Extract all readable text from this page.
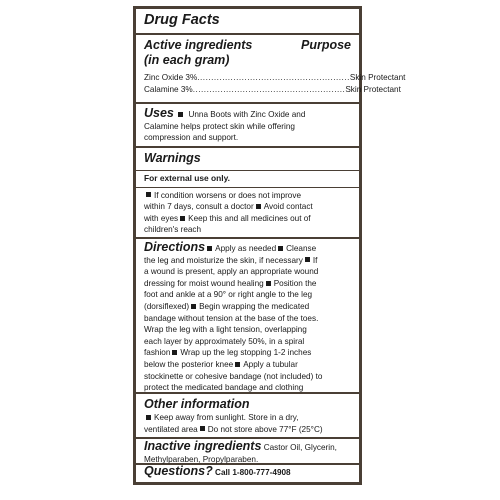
Drug Facts
Active ingredients	Purpose
(in each gram)
Zinc Oxide 3% ....................................................... Skin Protectant
Calamine 3% ....................................................... Skin Protectant
Uses Unna Boots with Zinc Oxide and
Calamine helps protect skin while offering
compression and support.
Warnings
For external use only.
If condition worsens or does not improve
within 7 days, consult a doctor Avoid contact
with eyes Keep this and all medicines out of
children's reach
Directions Apply as needed Cleanse
the leg and moisturize the skin, if necessary If
a wound is present, apply an appropriate wound
dressing for moist wound healing Position the
foot and ankle at a 90° or right angle to the leg
(dorsiflexed) Begin wrapping the medicated
bandage without tension at the base of the toes.
Wrap the leg with a light tension, overlapping
each layer by approximately 50%, in a spiral
fashion Wrap up the leg stopping 1-2 inches
below the posterior knee Apply a tubular
stockinette or cohesive bandage (not included) to
protect the medicated bandage and clothing
Other information
Keep away from sunlight. Store in a dry,
ventilated area Do not store above 77°F (25°C)
Inactive ingredients Castor Oil, Glycerin,
Methylparaben, Propylparaben.
Questions? Call 1-800-777-4908
